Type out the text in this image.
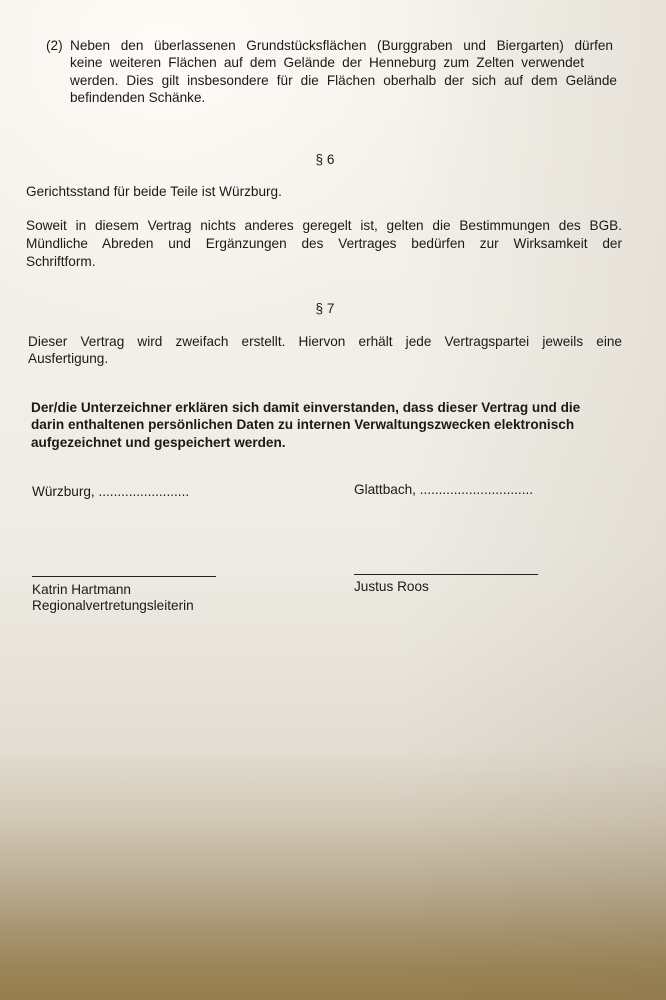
(2) Neben den überlassenen Grundstücksflächen (Burggraben und Biergarten) dürfen

keine weiteren Flächen auf dem Gelände der Henneburg zum Zelten verwendet

werden. Dies gilt insbesondere für die Flächen oberhalb der sich auf dem Gelände

befindenden Schänke.

§ 6

Gerichtsstand für beide Teile ist Würzburg.

Soweit in diesem Vertrag nichts anderes geregelt ist, gelten die Bestimmungen des BGB.

Mündliche Abreden und Ergänzungen des Vertrages bedürfen zur Wirksamkeit der

Schriftform.

§ 7

Dieser Vertrag wird zweifach erstellt. Hiervon erhält jede Vertragspartei jeweils eine

Ausfertigung.

Der/die Unterzeichner erklären sich damit einverstanden, dass dieser Vertrag und die

darin enthaltenen persönlichen Daten zu internen Verwaltungszwecken elektronisch

aufgezeichnet und gespeichert werden.

Würzburg, ........................

Katrin Hartmann

Regionalvertretungsleiterin

Glattbach, ..............................

Justus Roos
